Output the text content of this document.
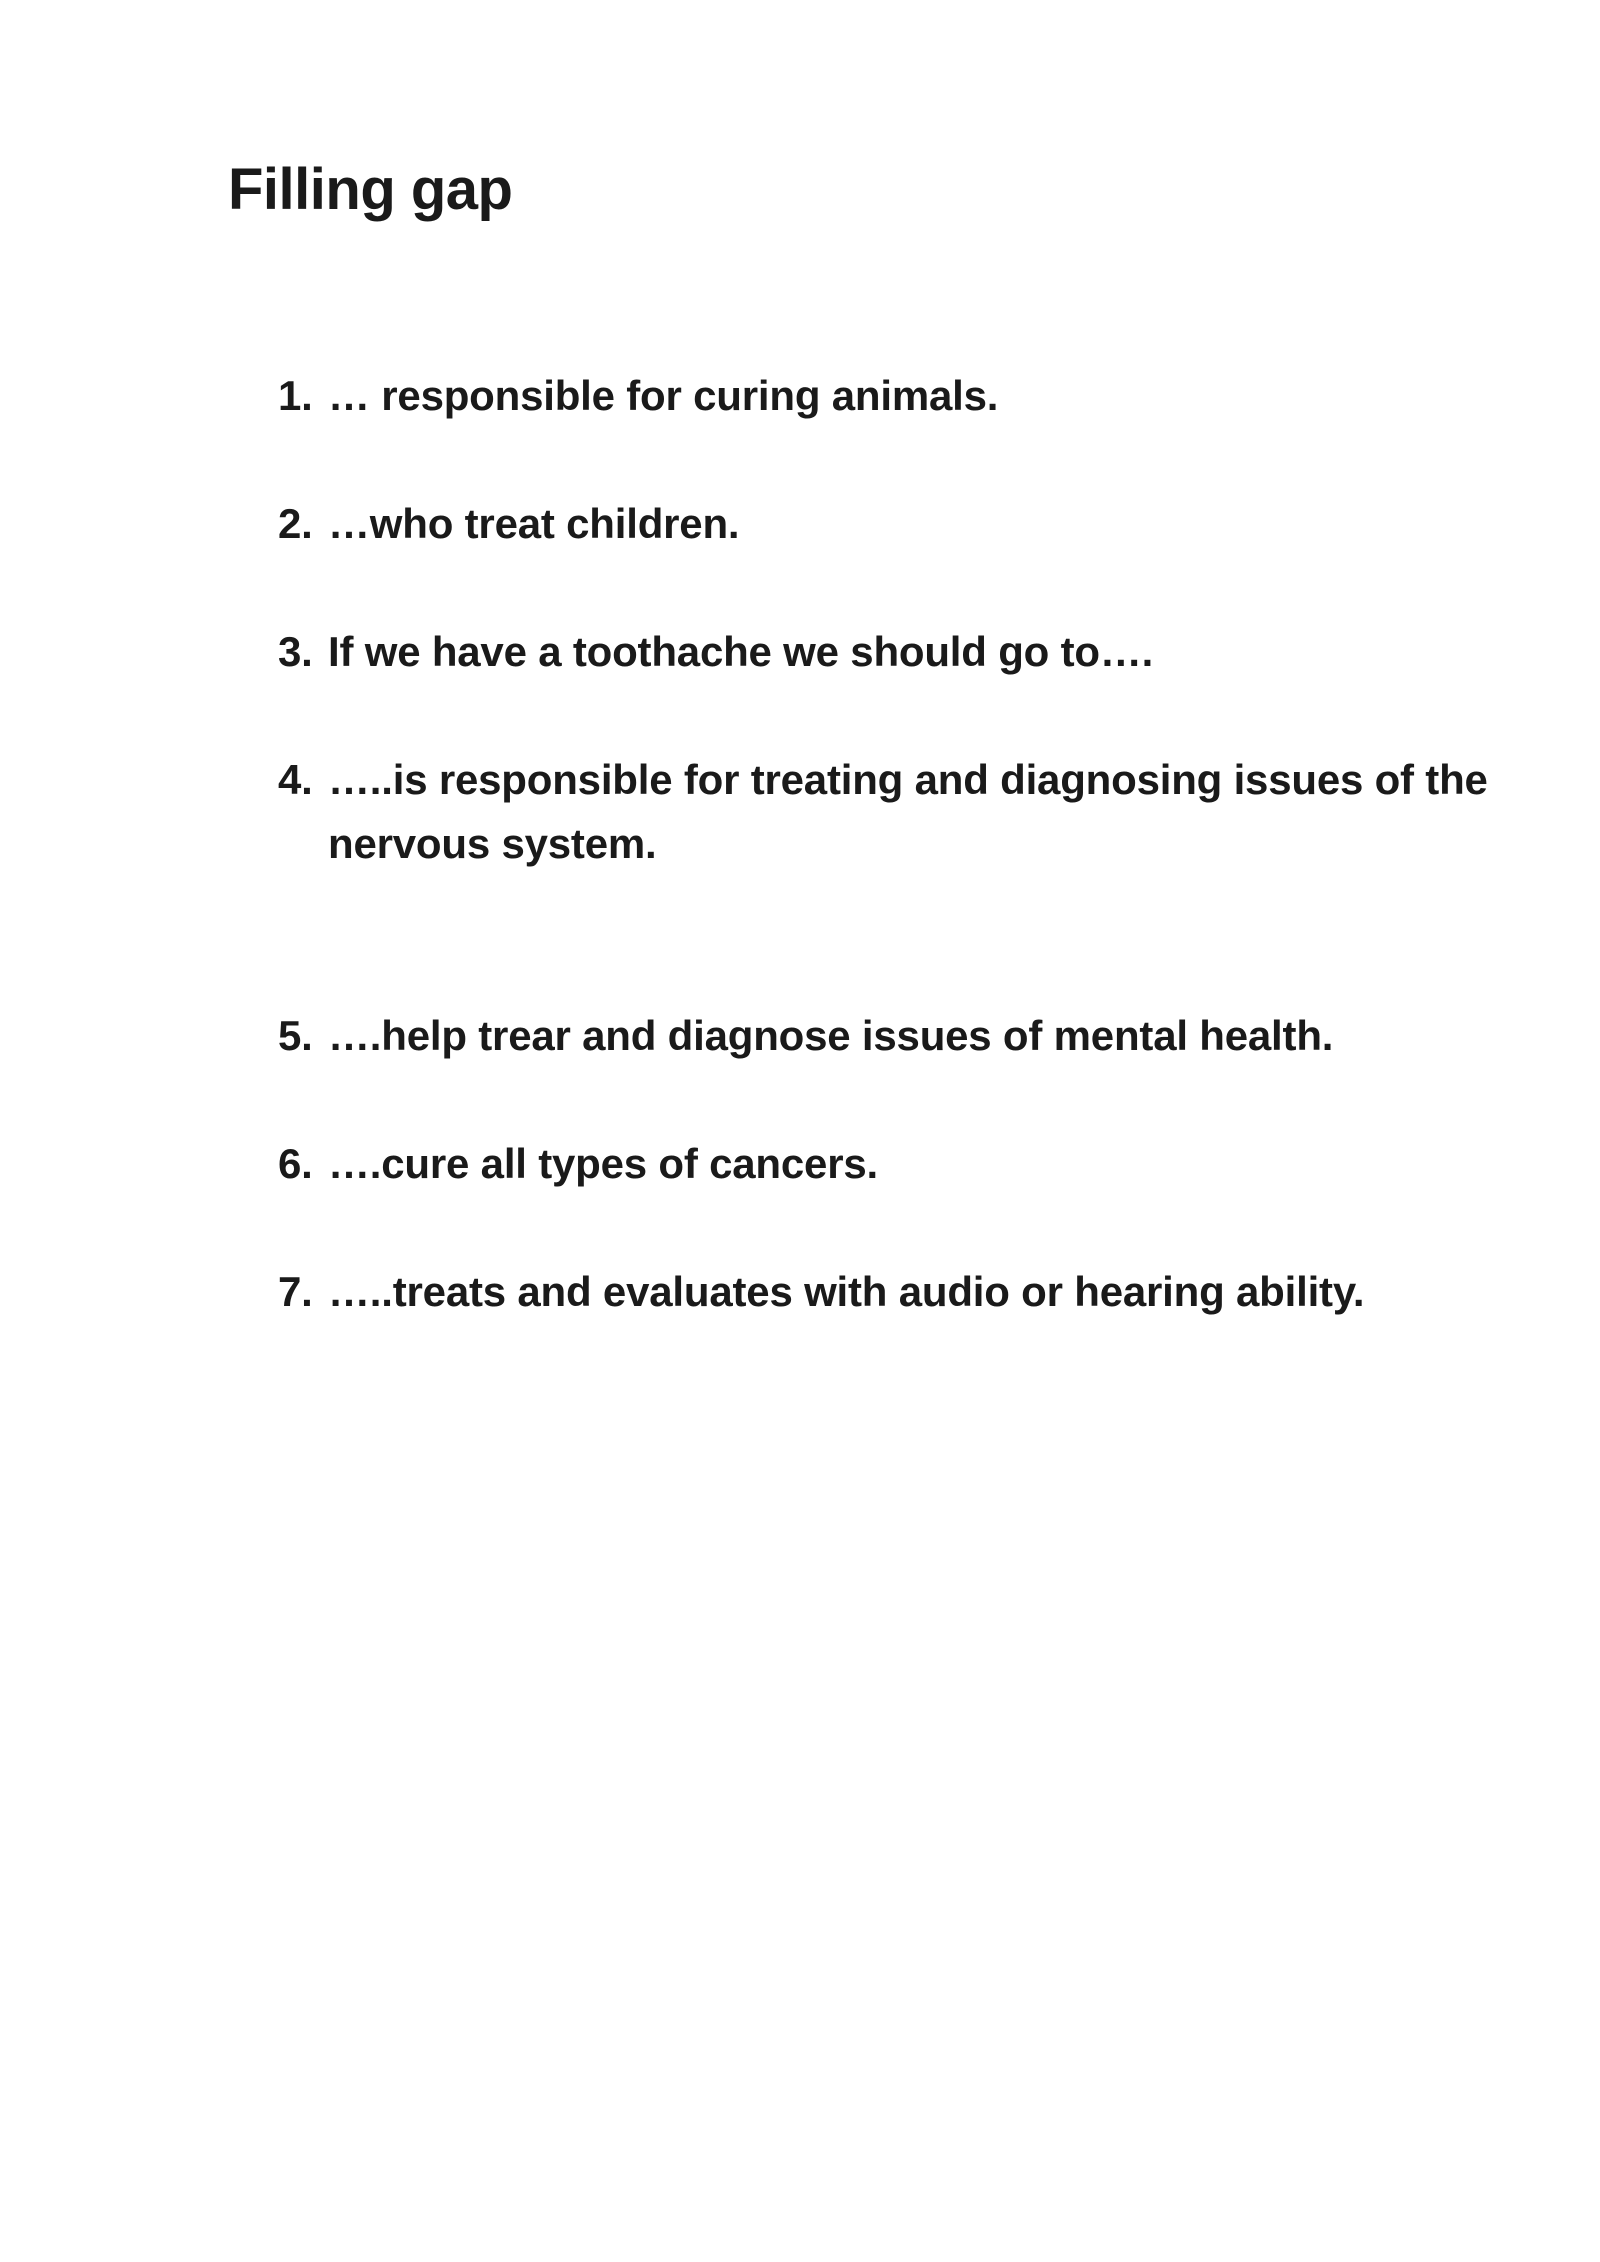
Filling gap
1. … responsible for curing animals.
2. …who treat children.
3. If we have a toothache we should go to….
4. …..is responsible for treating and diagnosing issues of the nervous system.
5. ….help trear and diagnose issues of mental health.
6. ….cure all types of cancers.
7. …..treats and evaluates with audio or hearing ability.
